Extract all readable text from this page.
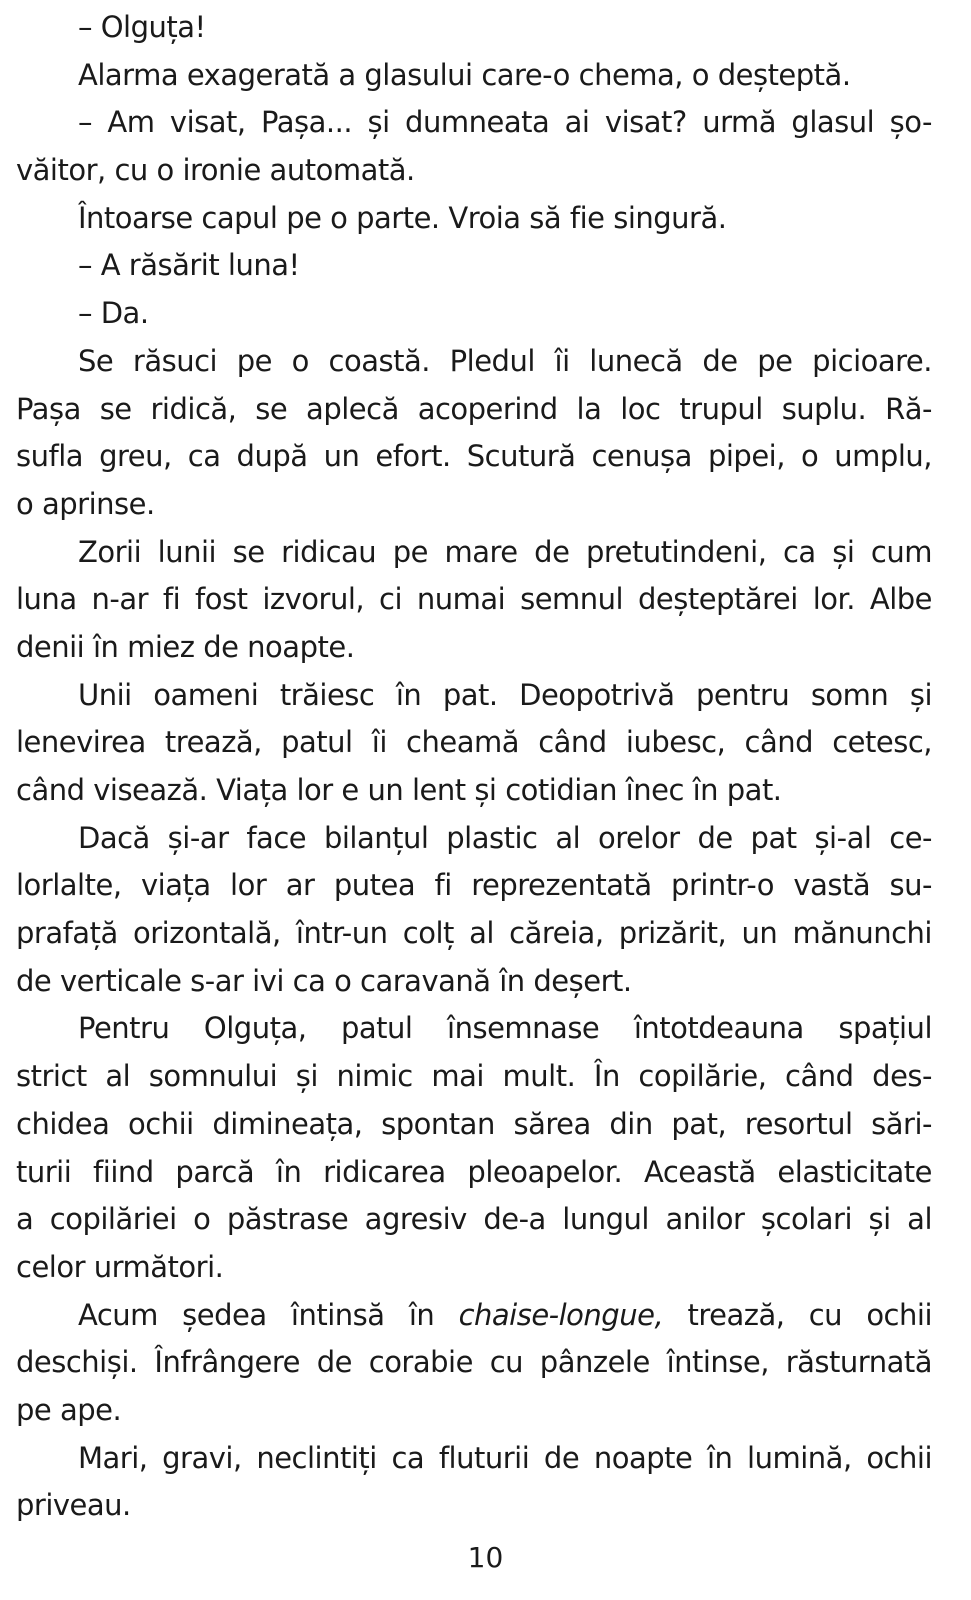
– Olguța!
Alarma exagerată a glasului care-o chema, o deșteptă.
– Am visat, Pașa... și dumneata ai visat? urmă glasul șo-
văitor, cu o ironie automată.
Întoarse capul pe o parte. Vroia să fie singură.
– A răsărit luna!
– Da.
Se răsuci pe o coastă. Pledul îi lunecă de pe picioare.
Pașa se ridică, se aplecă acoperind la loc trupul suplu. Ră-
sufla greu, ca după un efort. Scutură cenușa pipei, o umplu,
o aprinse.
Zorii lunii se ridicau pe mare de pretutindeni, ca și cum
luna n-ar fi fost izvorul, ci numai semnul deșteptărei lor. Albe
denii în miez de noapte.
Unii oameni trăiesc în pat. Deopotrivă pentru somn și
lenevirea trează, patul îi cheamă când iubesc, când cetesc,
când visează. Viața lor e un lent și cotidian înec în pat.
Dacă și-ar face bilanțul plastic al orelor de pat și-al ce-
lorlalte, viața lor ar putea fi reprezentată printr-o vastă su-
prafață orizontală, într-un colț al căreia, prizărit, un mănunchi
de verticale s-ar ivi ca o caravană în deșert.
Pentru Olguța, patul însemnase întotdeauna spațiul
strict al somnului și nimic mai mult. În copilărie, când des-
chidea ochii dimineața, spontan sărea din pat, resortul sări-
turii fiind parcă în ridicarea pleoapelor. Această elasticitate
a copilăriei o păstrase agresiv de-a lungul anilor școlari și al
celor următori.
Acum ședea întinsă în chaise-longue, trează, cu ochii
deschiși. Înfrângere de corabie cu pânzele întinse, răsturnată
pe ape.
Mari, gravi, neclintiți ca fluturii de noapte în lumină, ochii
priveau.
10
